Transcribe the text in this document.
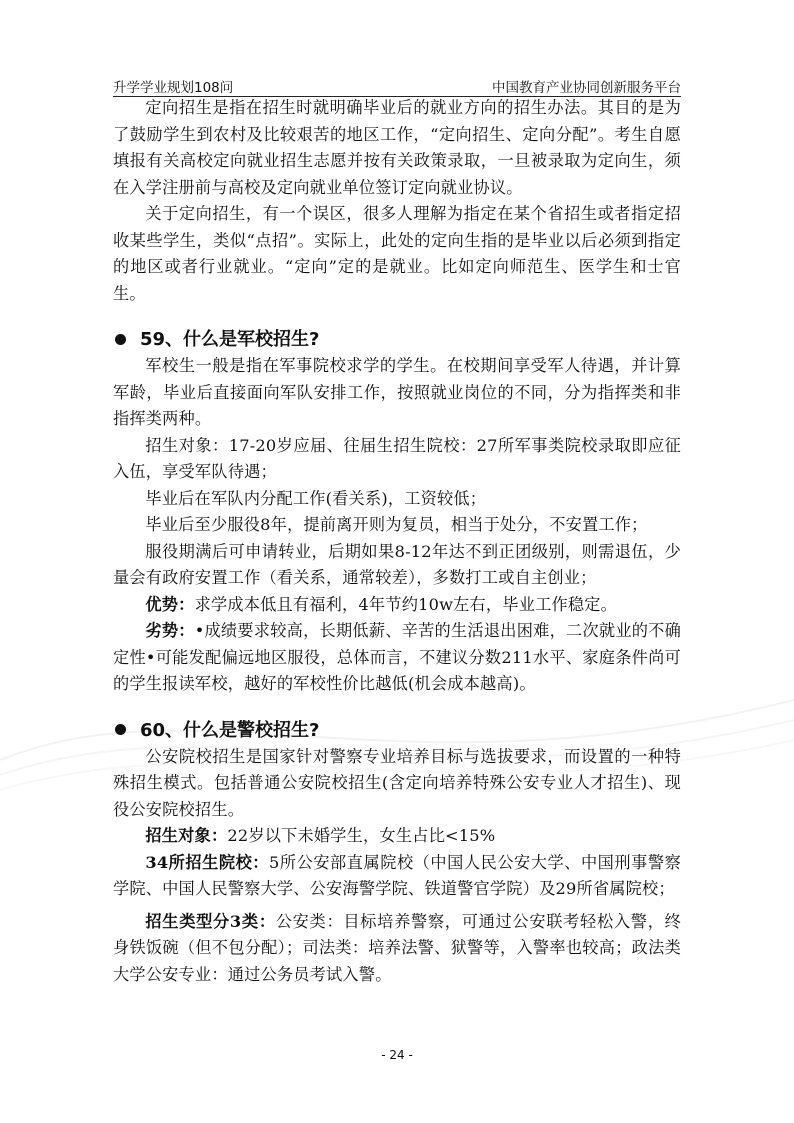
升学学业规划108问	中国教育产业协同创新服务平台

定向招生是指在招生时就明确毕业后的就业方向的招生办法。其目的是为了鼓励学生到农村及比较艰苦的地区工作，“定向招生、定向分配”。考生自愿填报有关高校定向就业招生志愿并按有关政策录取，一旦被录取为定向生，须在入学注册前与高校及定向就业单位签订定向就业协议。

关于定向招生，有一个误区，很多人理解为指定在某个省招生或者指定招收某些学生，类似“点招”。实际上，此处的定向生指的是毕业以后必须到指定的地区或者行业就业。“定向”定的是就业。比如定向师范生、医学生和士官生。

59、什么是军校招生?

军校生一般是指在军事院校求学的学生。在校期间享受军人待遇，并计算军龄，毕业后直接面向军队安排工作，按照就业岗位的不同，分为指挥类和非指挥类两种。

招生对象：17-20岁应届、往届生招生院校：27所军事类院校录取即应征入伍，享受军队待遇；

毕业后在军队内分配工作(看关系)，工资较低；

毕业后至少服役8年，提前离开则为复员，相当于处分，不安置工作；

服役期满后可申请转业，后期如果8-12年达不到正团级别，则需退伍，少量会有政府安置工作（看关系，通常较差），多数打工或自主创业；

优势：求学成本低且有福利，4年节约10w左右，毕业工作稳定。

劣势：•成绩要求较高，长期低薪、辛苦的生活退出困难，二次就业的不确定性•可能发配偏远地区服役，总体而言，不建议分数211水平、家庭条件尚可的学生报读军校，越好的军校性价比越低(机会成本越高)。

60、什么是警校招生?

公安院校招生是国家针对警察专业培养目标与选拔要求，而设置的一种特殊招生模式。包括普通公安院校招生(含定向培养特殊公安专业人才招生)、现役公安院校招生。

招生对象：22岁以下未婚学生，女生占比<15%

34所招生院校：5所公安部直属院校（中国人民公安大学、中国刑事警察学院、中国人民警察大学、公安海警学院、铁道警官学院）及29所省属院校；

招生类型分3类：公安类：目标培养警察，可通过公安联考轻松入警，终身铁饭碗（但不包分配）；司法类：培养法警、狱警等，入警率也较高；政法类大学公安专业：通过公务员考试入警。

- 24 -
